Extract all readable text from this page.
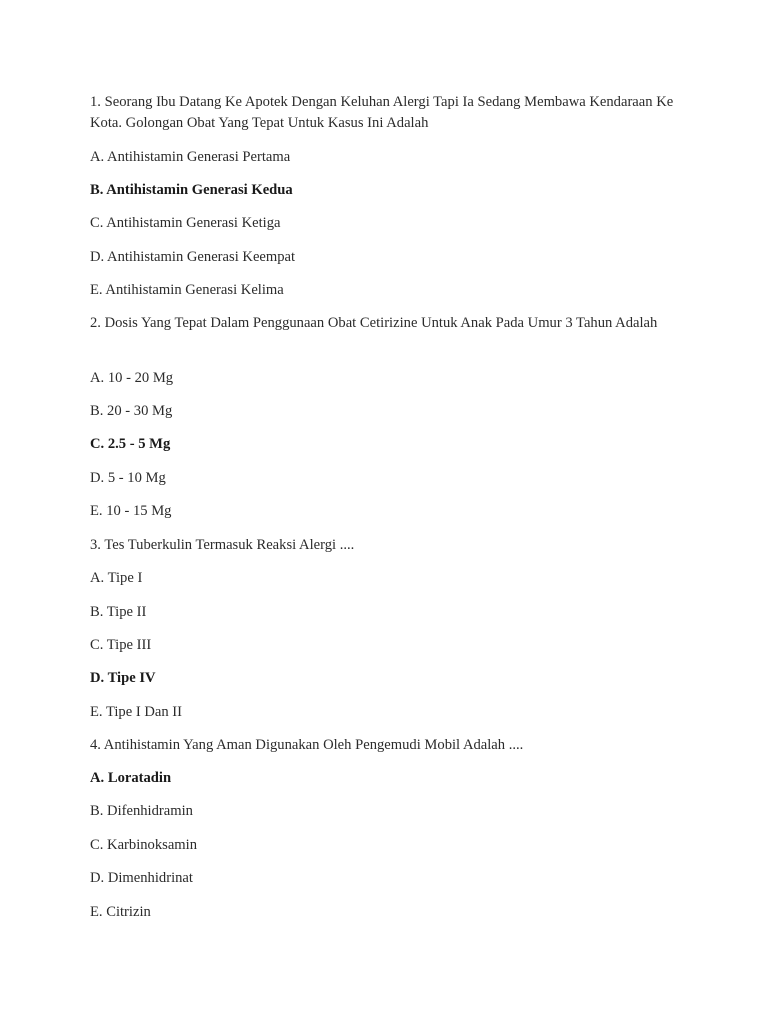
1. Seorang Ibu Datang Ke Apotek Dengan Keluhan Alergi Tapi Ia Sedang Membawa Kendaraan Ke Kota. Golongan Obat Yang Tepat Untuk Kasus Ini Adalah

A. Antihistamin Generasi Pertama

B. Antihistamin Generasi Kedua

C. Antihistamin Generasi Ketiga

D. Antihistamin Generasi Keempat

E. Antihistamin Generasi Kelima

2. Dosis Yang Tepat Dalam Penggunaan Obat Cetirizine Untuk Anak Pada Umur 3 Tahun Adalah

A. 10 - 20 Mg

B. 20 - 30 Mg

C. 2.5 - 5 Mg

D. 5 - 10 Mg

E. 10 - 15 Mg

3. Tes Tuberkulin Termasuk Reaksi Alergi ....

A. Tipe I

B. Tipe II

C. Tipe III

D. Tipe IV

E. Tipe I Dan II

4. Antihistamin Yang Aman Digunakan Oleh Pengemudi Mobil Adalah ....

A. Loratadin

B. Difenhidramin

C. Karbinoksamin

D. Dimenhidrinat

E. Citrizin
